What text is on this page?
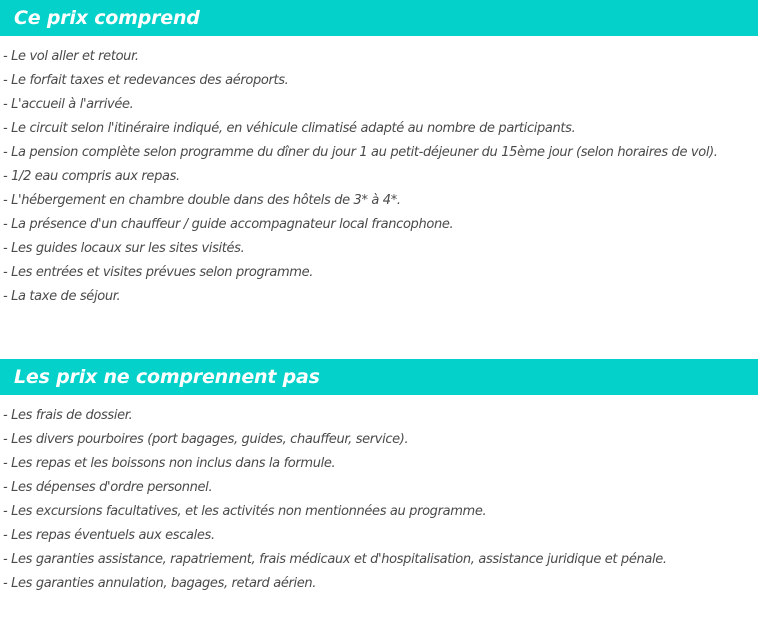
Ce prix comprend
- Le vol aller et retour.
- Le forfait taxes et redevances des aéroports.
- L'accueil à l'arrivée.
- Le circuit selon l'itinéraire indiqué, en véhicule climatisé adapté au nombre de participants.
- La pension complète selon programme du dîner du jour 1 au petit-déjeuner du 15ème jour (selon horaires de vol).
- 1/2 eau compris aux repas.
- L'hébergement en chambre double dans des hôtels de 3* à 4*.
- La présence d'un chauffeur / guide accompagnateur local francophone.
- Les guides locaux sur les sites visités.
- Les entrées et visites prévues selon programme.
- La taxe de séjour.
Les prix ne comprennent pas
- Les frais de dossier.
- Les divers pourboires (port bagages, guides, chauffeur, service).
- Les repas et les boissons non inclus dans la formule.
- Les dépenses d'ordre personnel.
- Les excursions facultatives, et les activités non mentionnées au programme.
- Les repas éventuels aux escales.
- Les garanties assistance, rapatriement, frais médicaux et d'hospitalisation, assistance juridique et pénale.
- Les garanties annulation, bagages, retard aérien.
